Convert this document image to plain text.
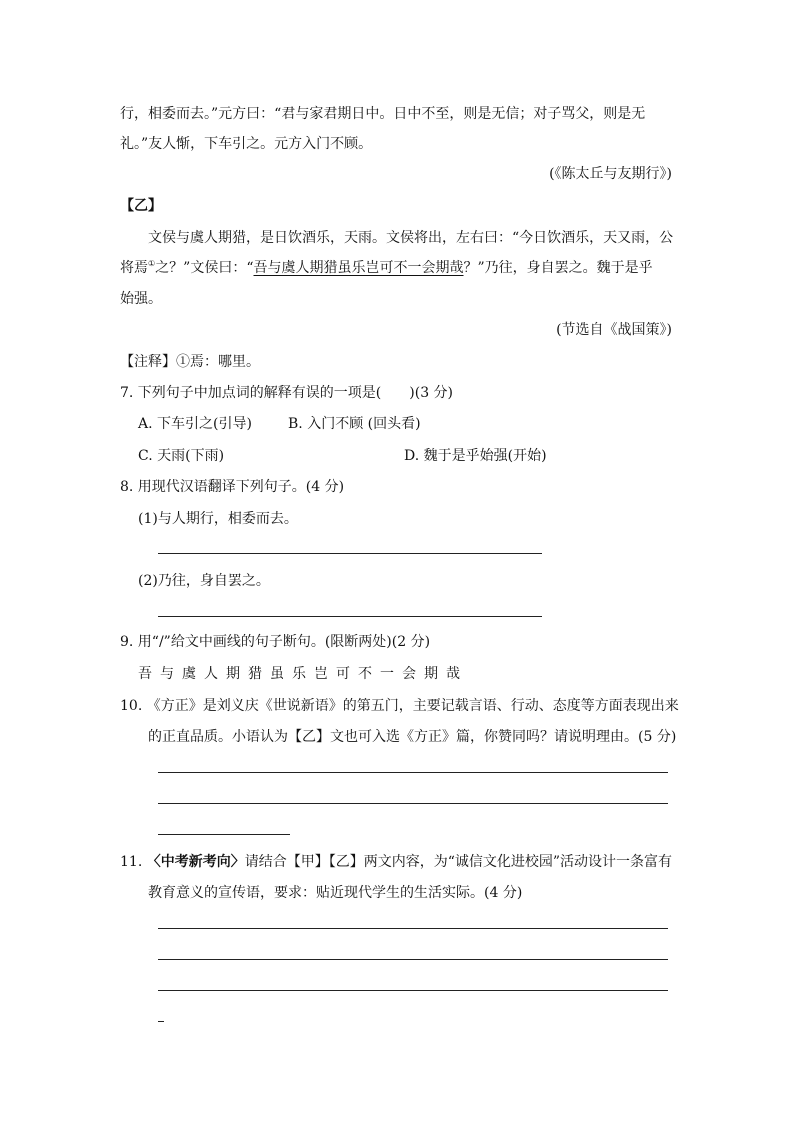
行，相委而去。”元方曰：“君与家君期日中。日中不至，则是无信；对子骂父，则是无
礼。”友人惭，下车引之。元方入门不顾。
(《陈太丘与友期行》)
【乙】
文侯与虞人期猎，是日饮酒乐，天雨。文侯将出，左右曰：“今日饮酒乐，天又雨，公
将焉①之？”文侯曰：“吾与虞人期猎虽乐岂可不一会期哉？”乃往，身自罢之。魏于是乎
始强。
(节选自《战国策》)
【注释】①焉：哪里。
7. 下列句子中加点词的解释有误的一项是(　　)(3 分)
A. 下车引之(引导)	B. 入门不顾 (回头看)
C. 天雨(下雨)	D. 魏于是乎始强(开始)
8. 用现代汉语翻译下列句子。(4 分)
(1)与人期行，相委而去。
(2)乃往，身自罢之。
9. 用“/”给文中画线的句子断句。(限断两处)(2 分)
吾与虞人期猎虽乐岂可不一会期哉
10. 《方正》是刘义庆《世说新语》的第五门，主要记载言语、行动、态度等方面表现出来
的正直品质。小语认为【乙】文也可入选《方正》篇，你赞同吗？请说明理由。(5 分)
11. 〈中考新考向〉请结合【甲】【乙】两文内容，为“诚信文化进校园”活动设计一条富有
教育意义的宣传语，要求：贴近现代学生的生活实际。(4 分)
